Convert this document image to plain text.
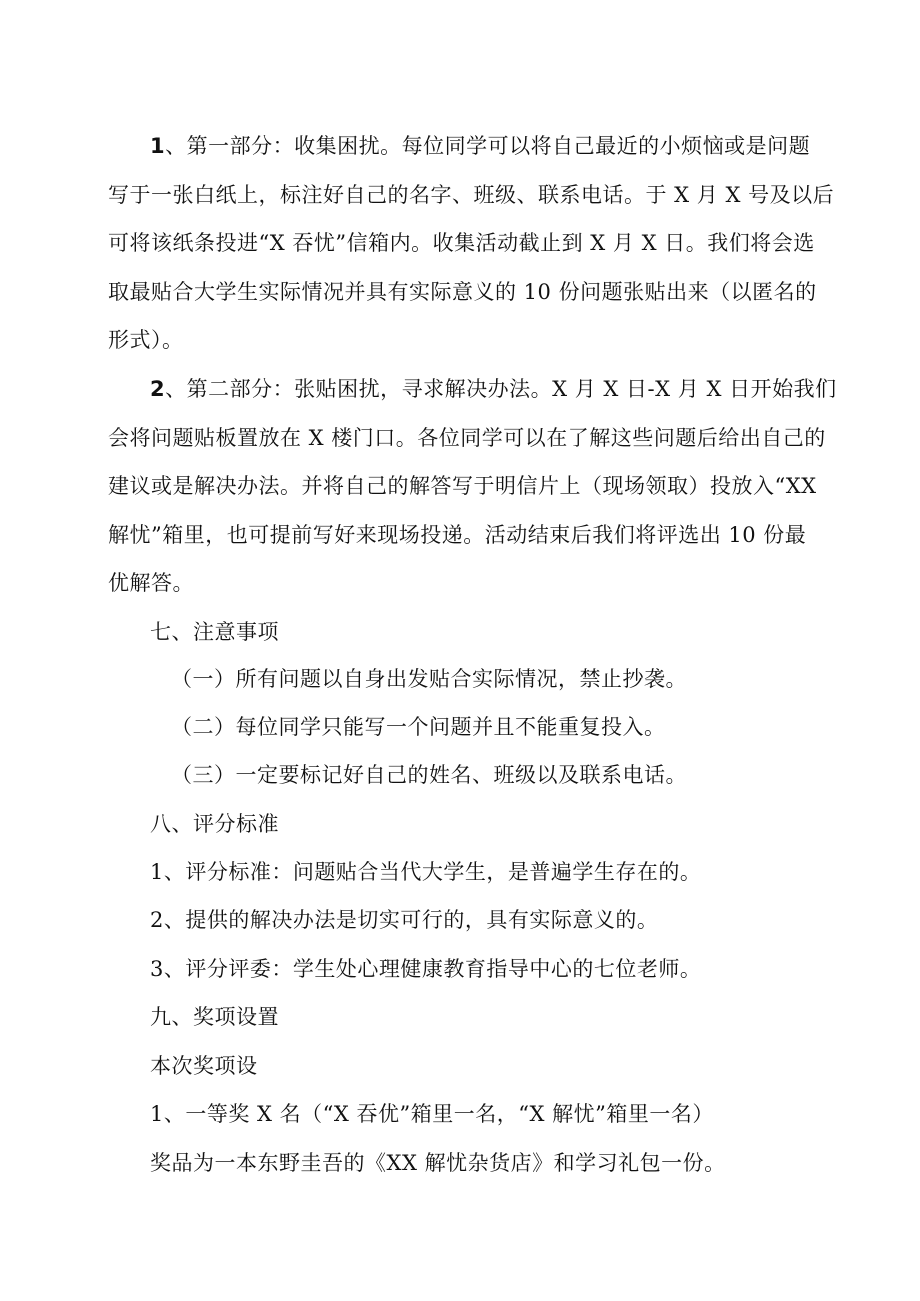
1、第一部分：收集困扰。每位同学可以将自己最近的小烦恼或是问题
写于一张白纸上，标注好自己的名字、班级、联系电话。于 X 月 X 号及以后
可将该纸条投进“X 吞忧”信箱内。收集活动截止到 X 月 X 日。我们将会选
取最贴合大学生实际情况并具有实际意义的 10 份问题张贴出来（以匿名的
形式）。
2、第二部分：张贴困扰，寻求解决办法。X 月 X 日-X 月 X 日开始我们
会将问题贴板置放在 X 楼门口。各位同学可以在了解这些问题后给出自己的
建议或是解决办法。并将自己的解答写于明信片上（现场领取）投放入“XX
解忧”箱里，也可提前写好来现场投递。活动结束后我们将评选出 10 份最
优解答。
七、注意事项
（一）所有问题以自身出发贴合实际情况，禁止抄袭。
（二）每位同学只能写一个问题并且不能重复投入。
（三）一定要标记好自己的姓名、班级以及联系电话。
八、评分标准
1、评分标准：问题贴合当代大学生，是普遍学生存在的。
2、提供的解决办法是切实可行的，具有实际意义的。
3、评分评委：学生处心理健康教育指导中心的七位老师。
九、奖项设置
本次奖项设
1、一等奖 X 名（“X 吞优”箱里一名，“X 解忧”箱里一名）
奖品为一本东野圭吾的《XX 解忧杂货店》和学习礼包一份。
